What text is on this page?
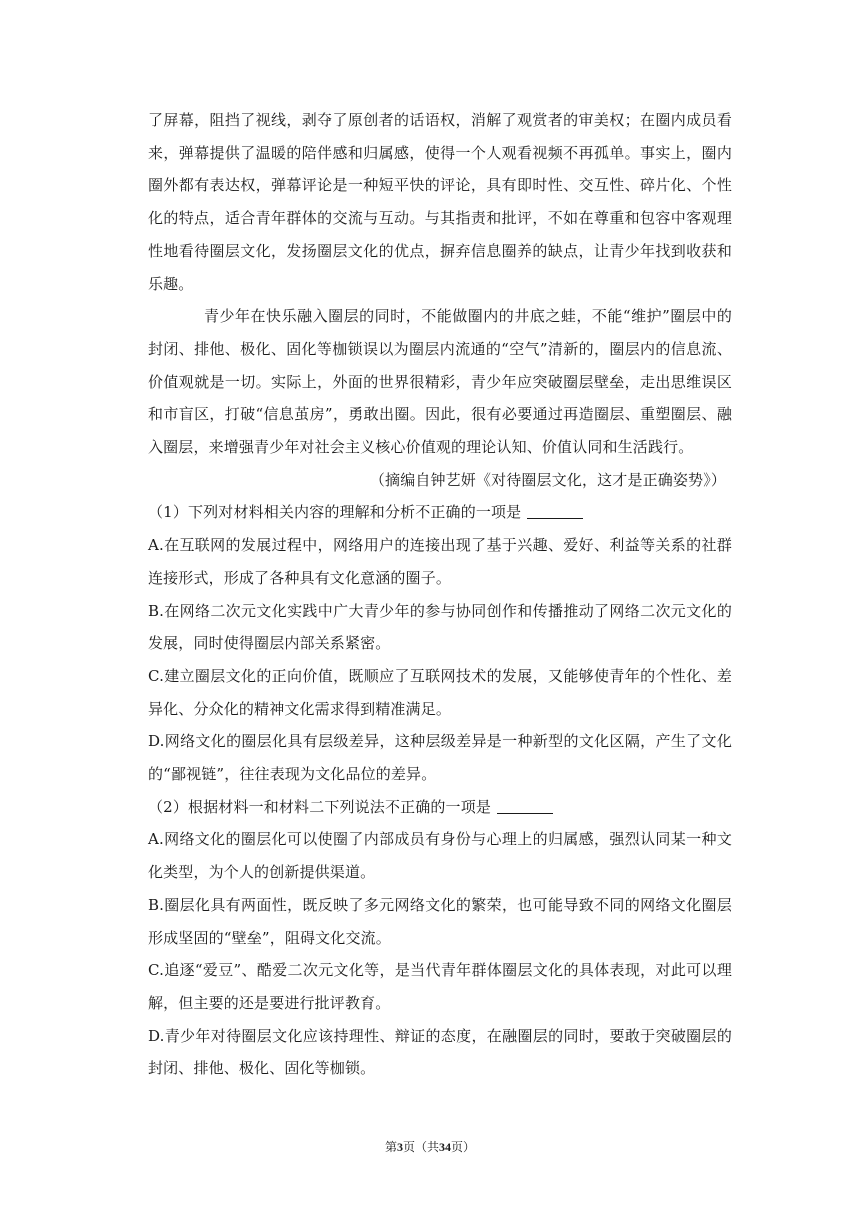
了屏幕，阻挡了视线，剥夺了原创者的话语权，消解了观赏者的审美权；在圈内成员看来，弹幕提供了温暖的陪伴感和归属感，使得一个人观看视频不再孤单。事实上，圈内圈外都有表达权，弹幕评论是一种短平快的评论，具有即时性、交互性、碎片化、个性化的特点，适合青年群体的交流与互动。与其指责和批评，不如在尊重和包容中客观理性地看待圈层文化，发扬圈层文化的优点，摒弃信息圈养的缺点，让青少年找到收获和乐趣。

青少年在快乐融入圈层的同时，不能做圈内的井底之蛙，不能“维护”圈层中的封闭、排他、极化、固化等枷锁误以为圈层内流通的“空气”清新的，圈层内的信息流、价值观就是一切。实际上，外面的世界很精彩，青少年应突破圈层壁垒，走出思维误区和市盲区，打破“信息茧房”，勇敢出圈。因此，很有必要通过再造圈层、重塑圈层、融入圈层，来增强青少年对社会主义核心价值观的理论认知、价值认同和生活践行。

（摘编自钟艺妍《对待圈层文化，这才是正确姿势》）

（1）下列对材料相关内容的理解和分析不正确的一项是

A.在互联网的发展过程中，网络用户的连接出现了基于兴趣、爱好、利益等关系的社群连接形式，形成了各种具有文化意涵的圈子。

B.在网络二次元文化实践中广大青少年的参与协同创作和传播推动了网络二次元文化的发展，同时使得圈层内部关系紧密。

C.建立圈层文化的正向价值，既顺应了互联网技术的发展，又能够使青年的个性化、差异化、分众化的精神文化需求得到精准满足。

D.网络文化的圈层化具有层级差异，这种层级差异是一种新型的文化区隔，产生了文化的“鄙视链”，往往表现为文化品位的差异。

（2）根据材料一和材料二下列说法不正确的一项是

A.网络文化的圈层化可以使圈了内部成员有身份与心理上的归属感，强烈认同某一种文化类型，为个人的创新提供渠道。

B.圈层化具有两面性，既反映了多元网络文化的繁荣，也可能导致不同的网络文化圈层形成坚固的“壁垒”，阻碍文化交流。

C.追逐“爱豆”、酷爱二次元文化等，是当代青年群体圈层文化的具体表现，对此可以理解，但主要的还是要进行批评教育。

D.青少年对待圈层文化应该持理性、辩证的态度，在融圈层的同时，要敢于突破圈层的封闭、排他、极化、固化等枷锁。

第3页（共34页）
